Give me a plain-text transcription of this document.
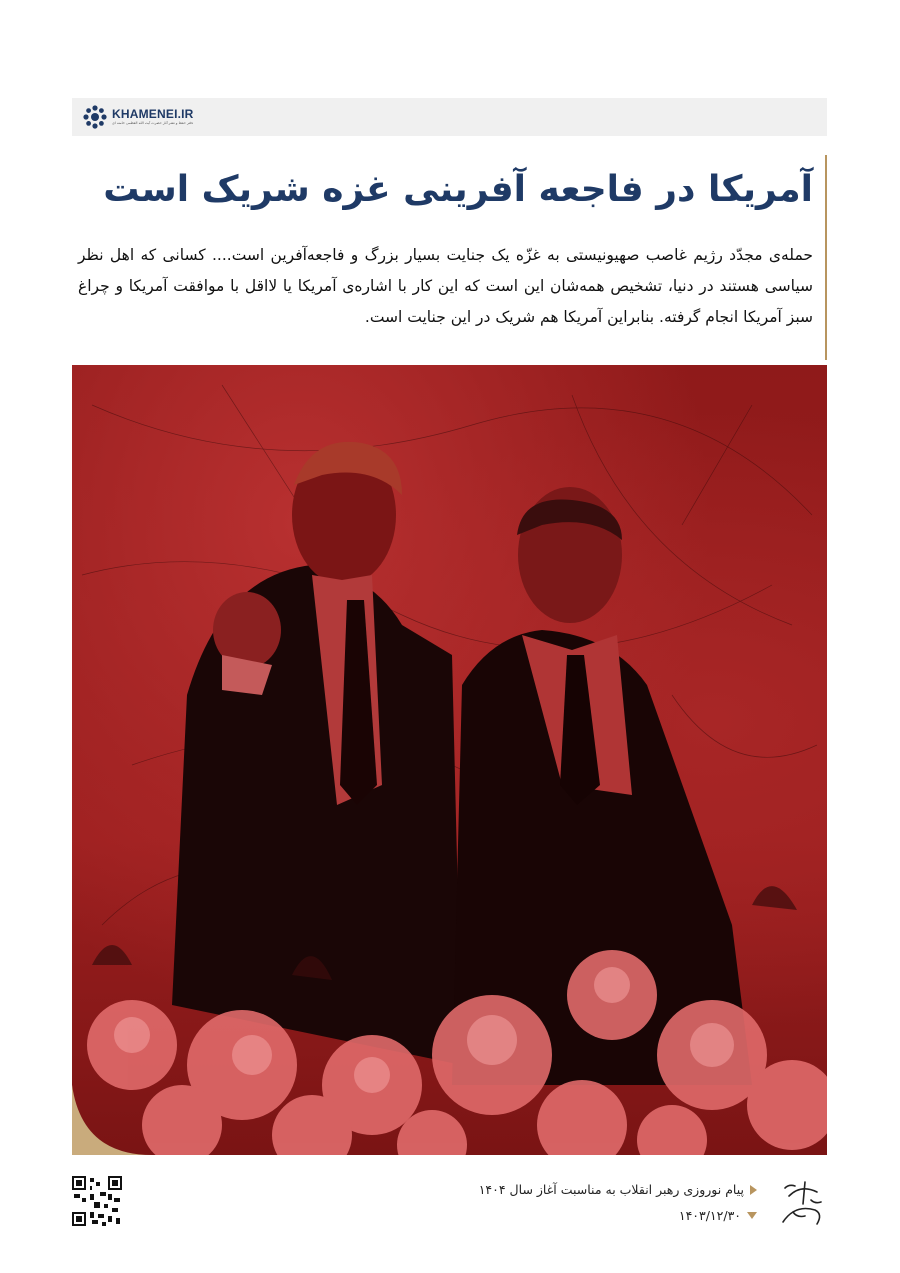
KHAMENEI.IR
دفتر حفظ و نشر آثار حضرت آیت الله العظمی خامنه ای
آمریکا در فاجعه آفرینی غزه شریک است

حمله‌ی مجدّد رژیم غاصب صهیونیستی به غزّه یک جنایت بسیار بزرگ و فاجعه‌آفرین است.... کسانی که اهل نظر سیاسی هستند در دنیا، تشخیص همه‌شان این است که این کار با اشاره‌ی آمریکا یا لااقل با موافقت آمریکا و چراغ سبز آمریکا انجام گرفته. بنابراین آمریکا هم شریک در این جنایت است.

پیام نوروزی رهبر انقلاب به مناسبت آغاز سال ۱۴۰۴
۱۴۰۳/۱۲/۳۰
